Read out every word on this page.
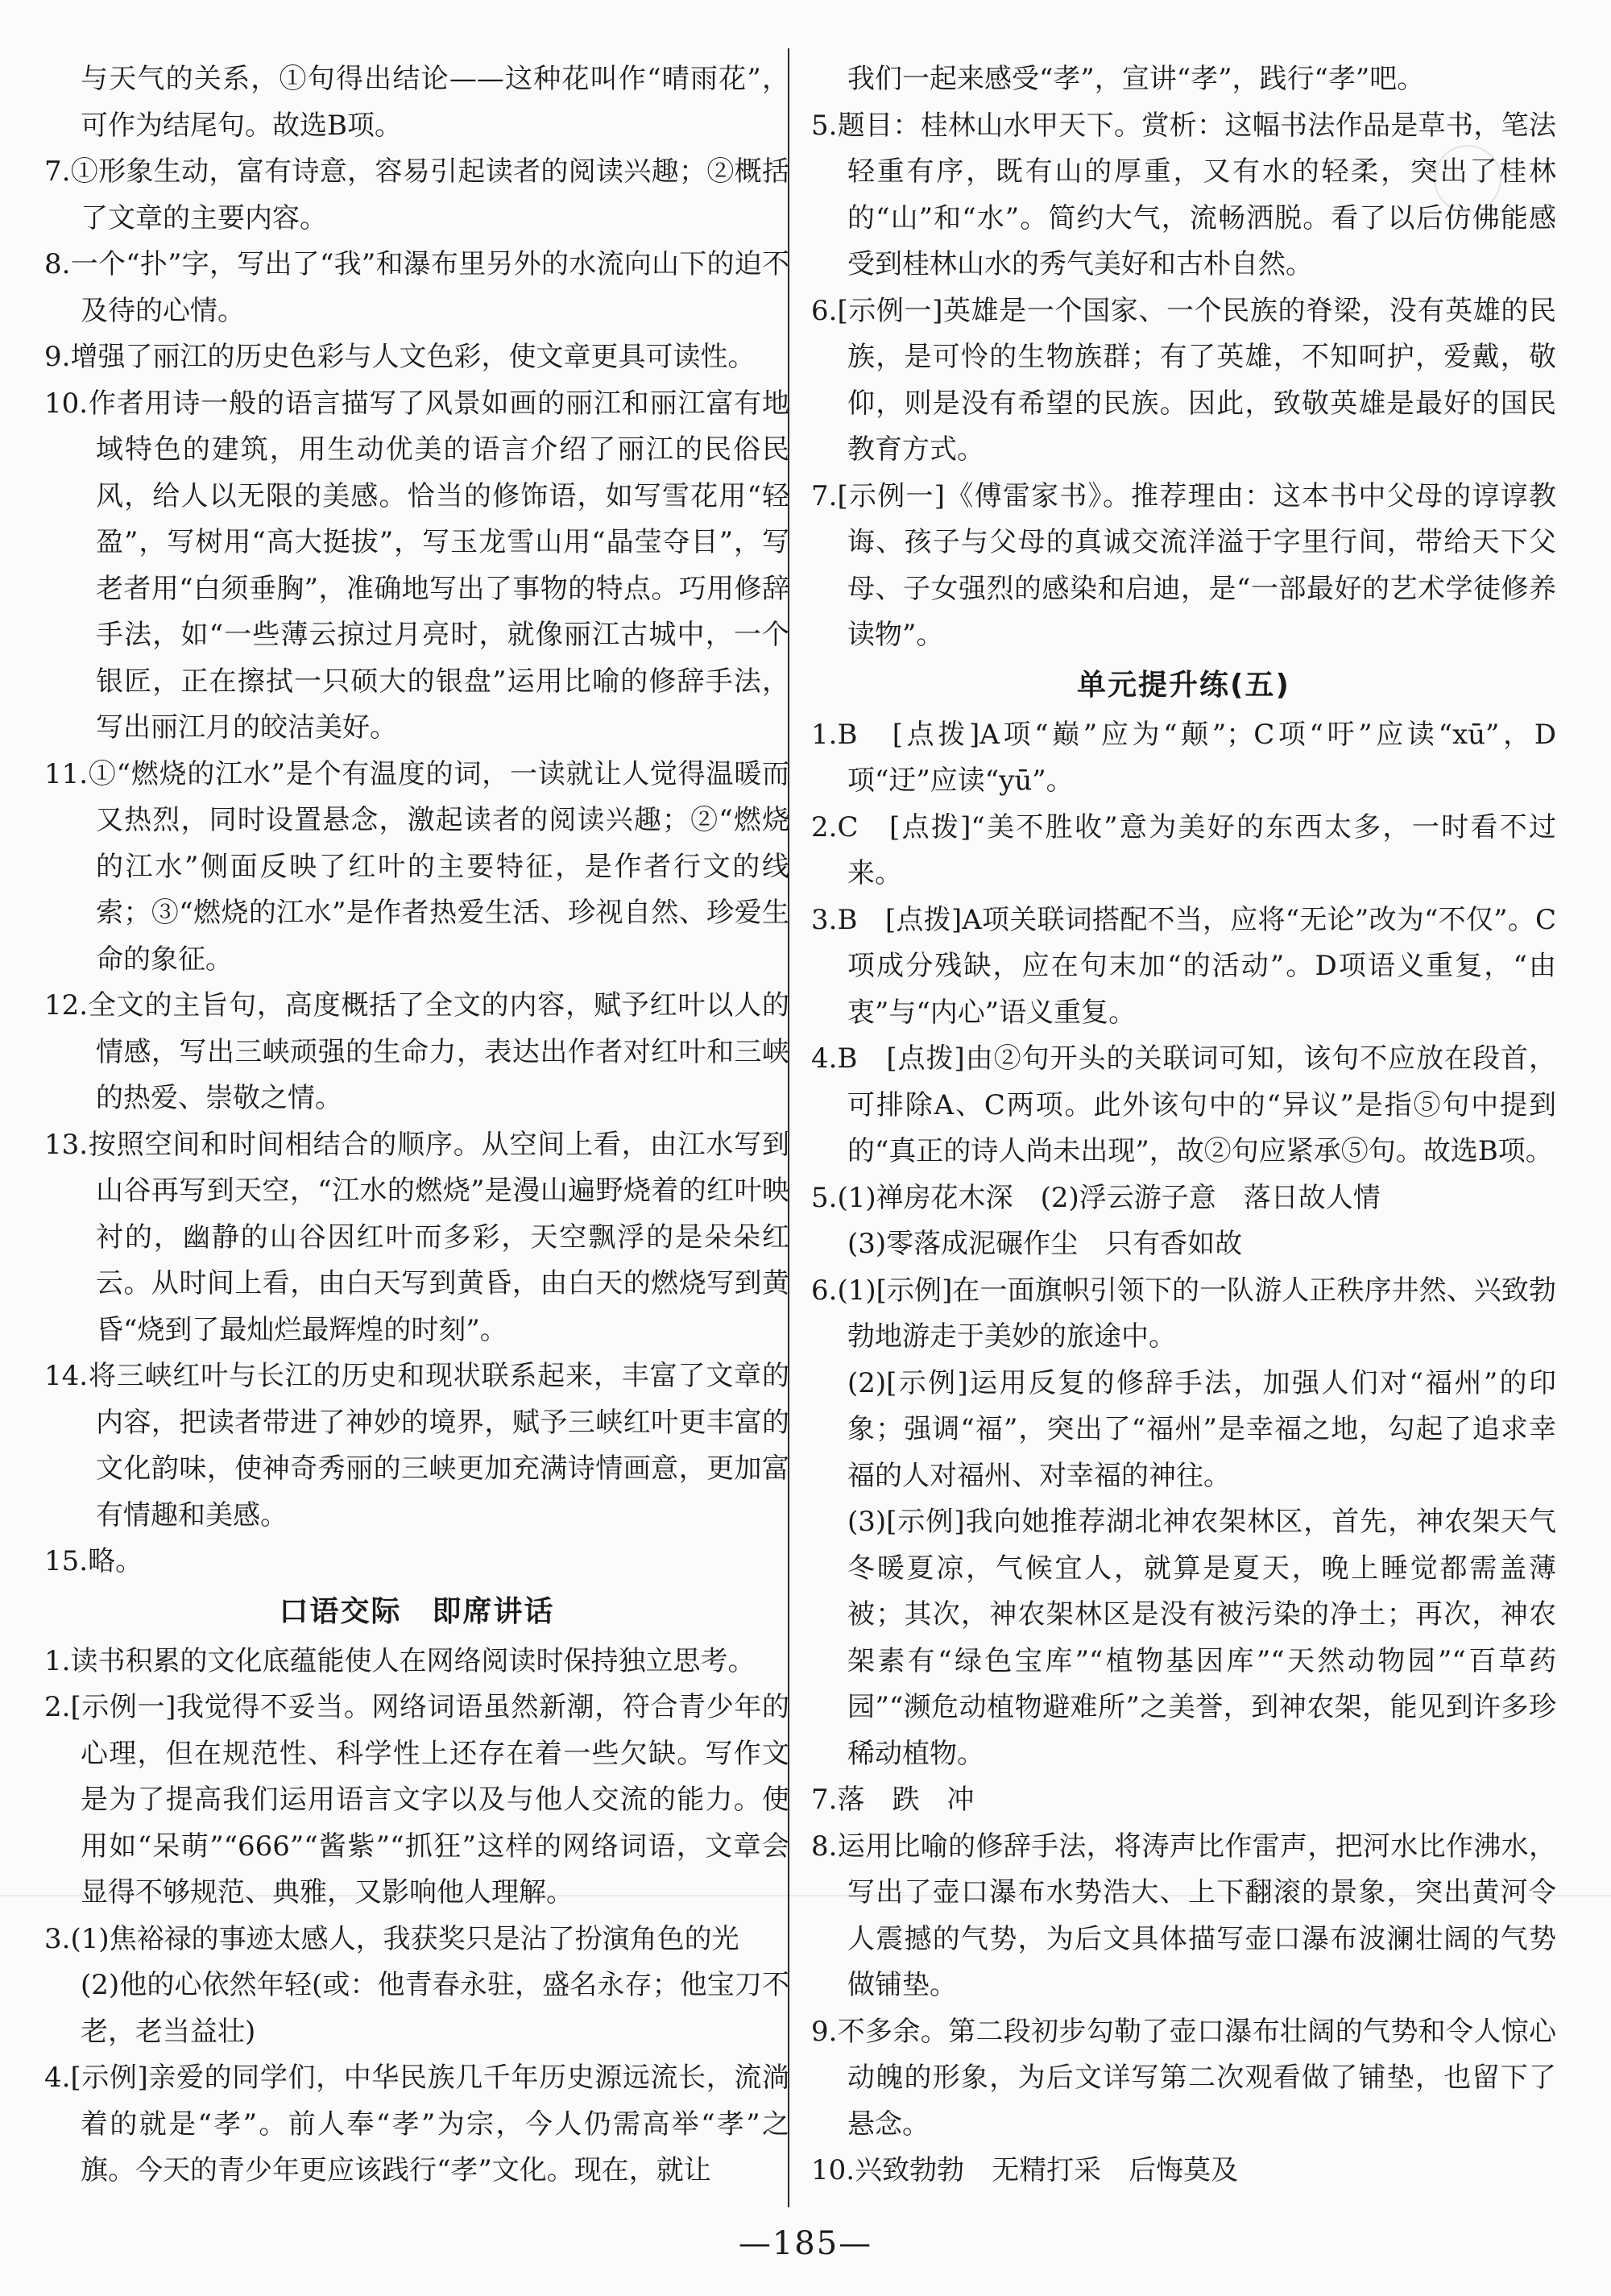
与天气的关系，①句得出结论——这种花叫作“晴雨花”，可作为结尾句。故选B项。
7.①形象生动，富有诗意，容易引起读者的阅读兴趣；②概括了文章的主要内容。
8.一个“扑”字，写出了“我”和瀑布里另外的水流向山下的迫不及待的心情。
9.增强了丽江的历史色彩与人文色彩，使文章更具可读性。
10.作者用诗一般的语言描写了风景如画的丽江和丽江富有地域特色的建筑，用生动优美的语言介绍了丽江的民俗民风，给人以无限的美感。恰当的修饰语，如写雪花用“轻盈”，写树用“高大挺拔”，写玉龙雪山用“晶莹夺目”，写老者用“白须垂胸”，准确地写出了事物的特点。巧用修辞手法，如“一些薄云掠过月亮时，就像丽江古城中，一个银匠，正在擦拭一只硕大的银盘”运用比喻的修辞手法，写出丽江月的皎洁美好。
11.①“燃烧的江水”是个有温度的词，一读就让人觉得温暖而又热烈，同时设置悬念，激起读者的阅读兴趣；②“燃烧的江水”侧面反映了红叶的主要特征，是作者行文的线索；③“燃烧的江水”是作者热爱生活、珍视自然、珍爱生命的象征。
12.全文的主旨句，高度概括了全文的内容，赋予红叶以人的情感，写出三峡顽强的生命力，表达出作者对红叶和三峡的热爱、崇敬之情。
13.按照空间和时间相结合的顺序。从空间上看，由江水写到山谷再写到天空，“江水的燃烧”是漫山遍野烧着的红叶映衬的，幽静的山谷因红叶而多彩，天空飘浮的是朵朵红云。从时间上看，由白天写到黄昏，由白天的燃烧写到黄昏“烧到了最灿烂最辉煌的时刻”。
14.将三峡红叶与长江的历史和现状联系起来，丰富了文章的内容，把读者带进了神妙的境界，赋予三峡红叶更丰富的文化韵味，使神奇秀丽的三峡更加充满诗情画意，更加富有情趣和美感。
15.略。
口语交际　即席讲话
1.读书积累的文化底蕴能使人在网络阅读时保持独立思考。
2.[示例一]我觉得不妥当。网络词语虽然新潮，符合青少年的心理，但在规范性、科学性上还存在着一些欠缺。写作文是为了提高我们运用语言文字以及与他人交流的能力。使用如“呆萌”“666”“酱紫”“抓狂”这样的网络词语，文章会显得不够规范、典雅，又影响他人理解。
3.(1)焦裕禄的事迹太感人，我获奖只是沾了扮演角色的光
(2)他的心依然年轻(或：他青春永驻，盛名永存；他宝刀不老，老当益壮)
4.[示例]亲爱的同学们，中华民族几千年历史源远流长，流淌着的就是“孝”。前人奉“孝”为宗，今人仍需高举“孝”之旗。今天的青少年更应该践行“孝”文化。现在，就让
我们一起来感受“孝”，宣讲“孝”，践行“孝”吧。
5.题目：桂林山水甲天下。赏析：这幅书法作品是草书，笔法轻重有序，既有山的厚重，又有水的轻柔，突出了桂林的“山”和“水”。简约大气，流畅洒脱。看了以后仿佛能感受到桂林山水的秀气美好和古朴自然。
6.[示例一]英雄是一个国家、一个民族的脊梁，没有英雄的民族，是可怜的生物族群；有了英雄，不知呵护，爱戴，敬仰，则是没有希望的民族。因此，致敬英雄是最好的国民教育方式。
7.[示例一]《傅雷家书》。推荐理由：这本书中父母的谆谆教诲、孩子与父母的真诚交流洋溢于字里行间，带给天下父母、子女强烈的感染和启迪，是“一部最好的艺术学徒修养读物”。
单元提升练(五)
1.B　[点拨]A项“巅”应为“颠”；C项“吁”应读“xū”，D项“迂”应读“yū”。
2.C　[点拨]“美不胜收”意为美好的东西太多，一时看不过来。
3.B　[点拨]A项关联词搭配不当，应将“无论”改为“不仅”。C项成分残缺，应在句末加“的活动”。D项语义重复，“由衷”与“内心”语义重复。
4.B　[点拨]由②句开头的关联词可知，该句不应放在段首，可排除A、C两项。此外该句中的“异议”是指⑤句中提到的“真正的诗人尚未出现”，故②句应紧承⑤句。故选B项。
5.(1)禅房花木深　(2)浮云游子意　落日故人情
(3)零落成泥碾作尘　只有香如故
6.(1)[示例]在一面旗帜引领下的一队游人正秩序井然、兴致勃勃地游走于美妙的旅途中。
(2)[示例]运用反复的修辞手法，加强人们对“福州”的印象；强调“福”，突出了“福州”是幸福之地，勾起了追求幸福的人对福州、对幸福的神往。
(3)[示例]我向她推荐湖北神农架林区，首先，神农架天气冬暖夏凉，气候宜人，就算是夏天，晚上睡觉都需盖薄被；其次，神农架林区是没有被污染的净土；再次，神农架素有“绿色宝库”“植物基因库”“天然动物园”“百草药园”“濒危动植物避难所”之美誉，到神农架，能见到许多珍稀动植物。
7.落　跌　冲
8.运用比喻的修辞手法，将涛声比作雷声，把河水比作沸水，写出了壶口瀑布水势浩大、上下翻滚的景象，突出黄河令人震撼的气势，为后文具体描写壶口瀑布波澜壮阔的气势做铺垫。
9.不多余。第二段初步勾勒了壶口瀑布壮阔的气势和令人惊心动魄的形象，为后文详写第二次观看做了铺垫，也留下了悬念。
10.兴致勃勃　无精打采　后悔莫及
—185—
